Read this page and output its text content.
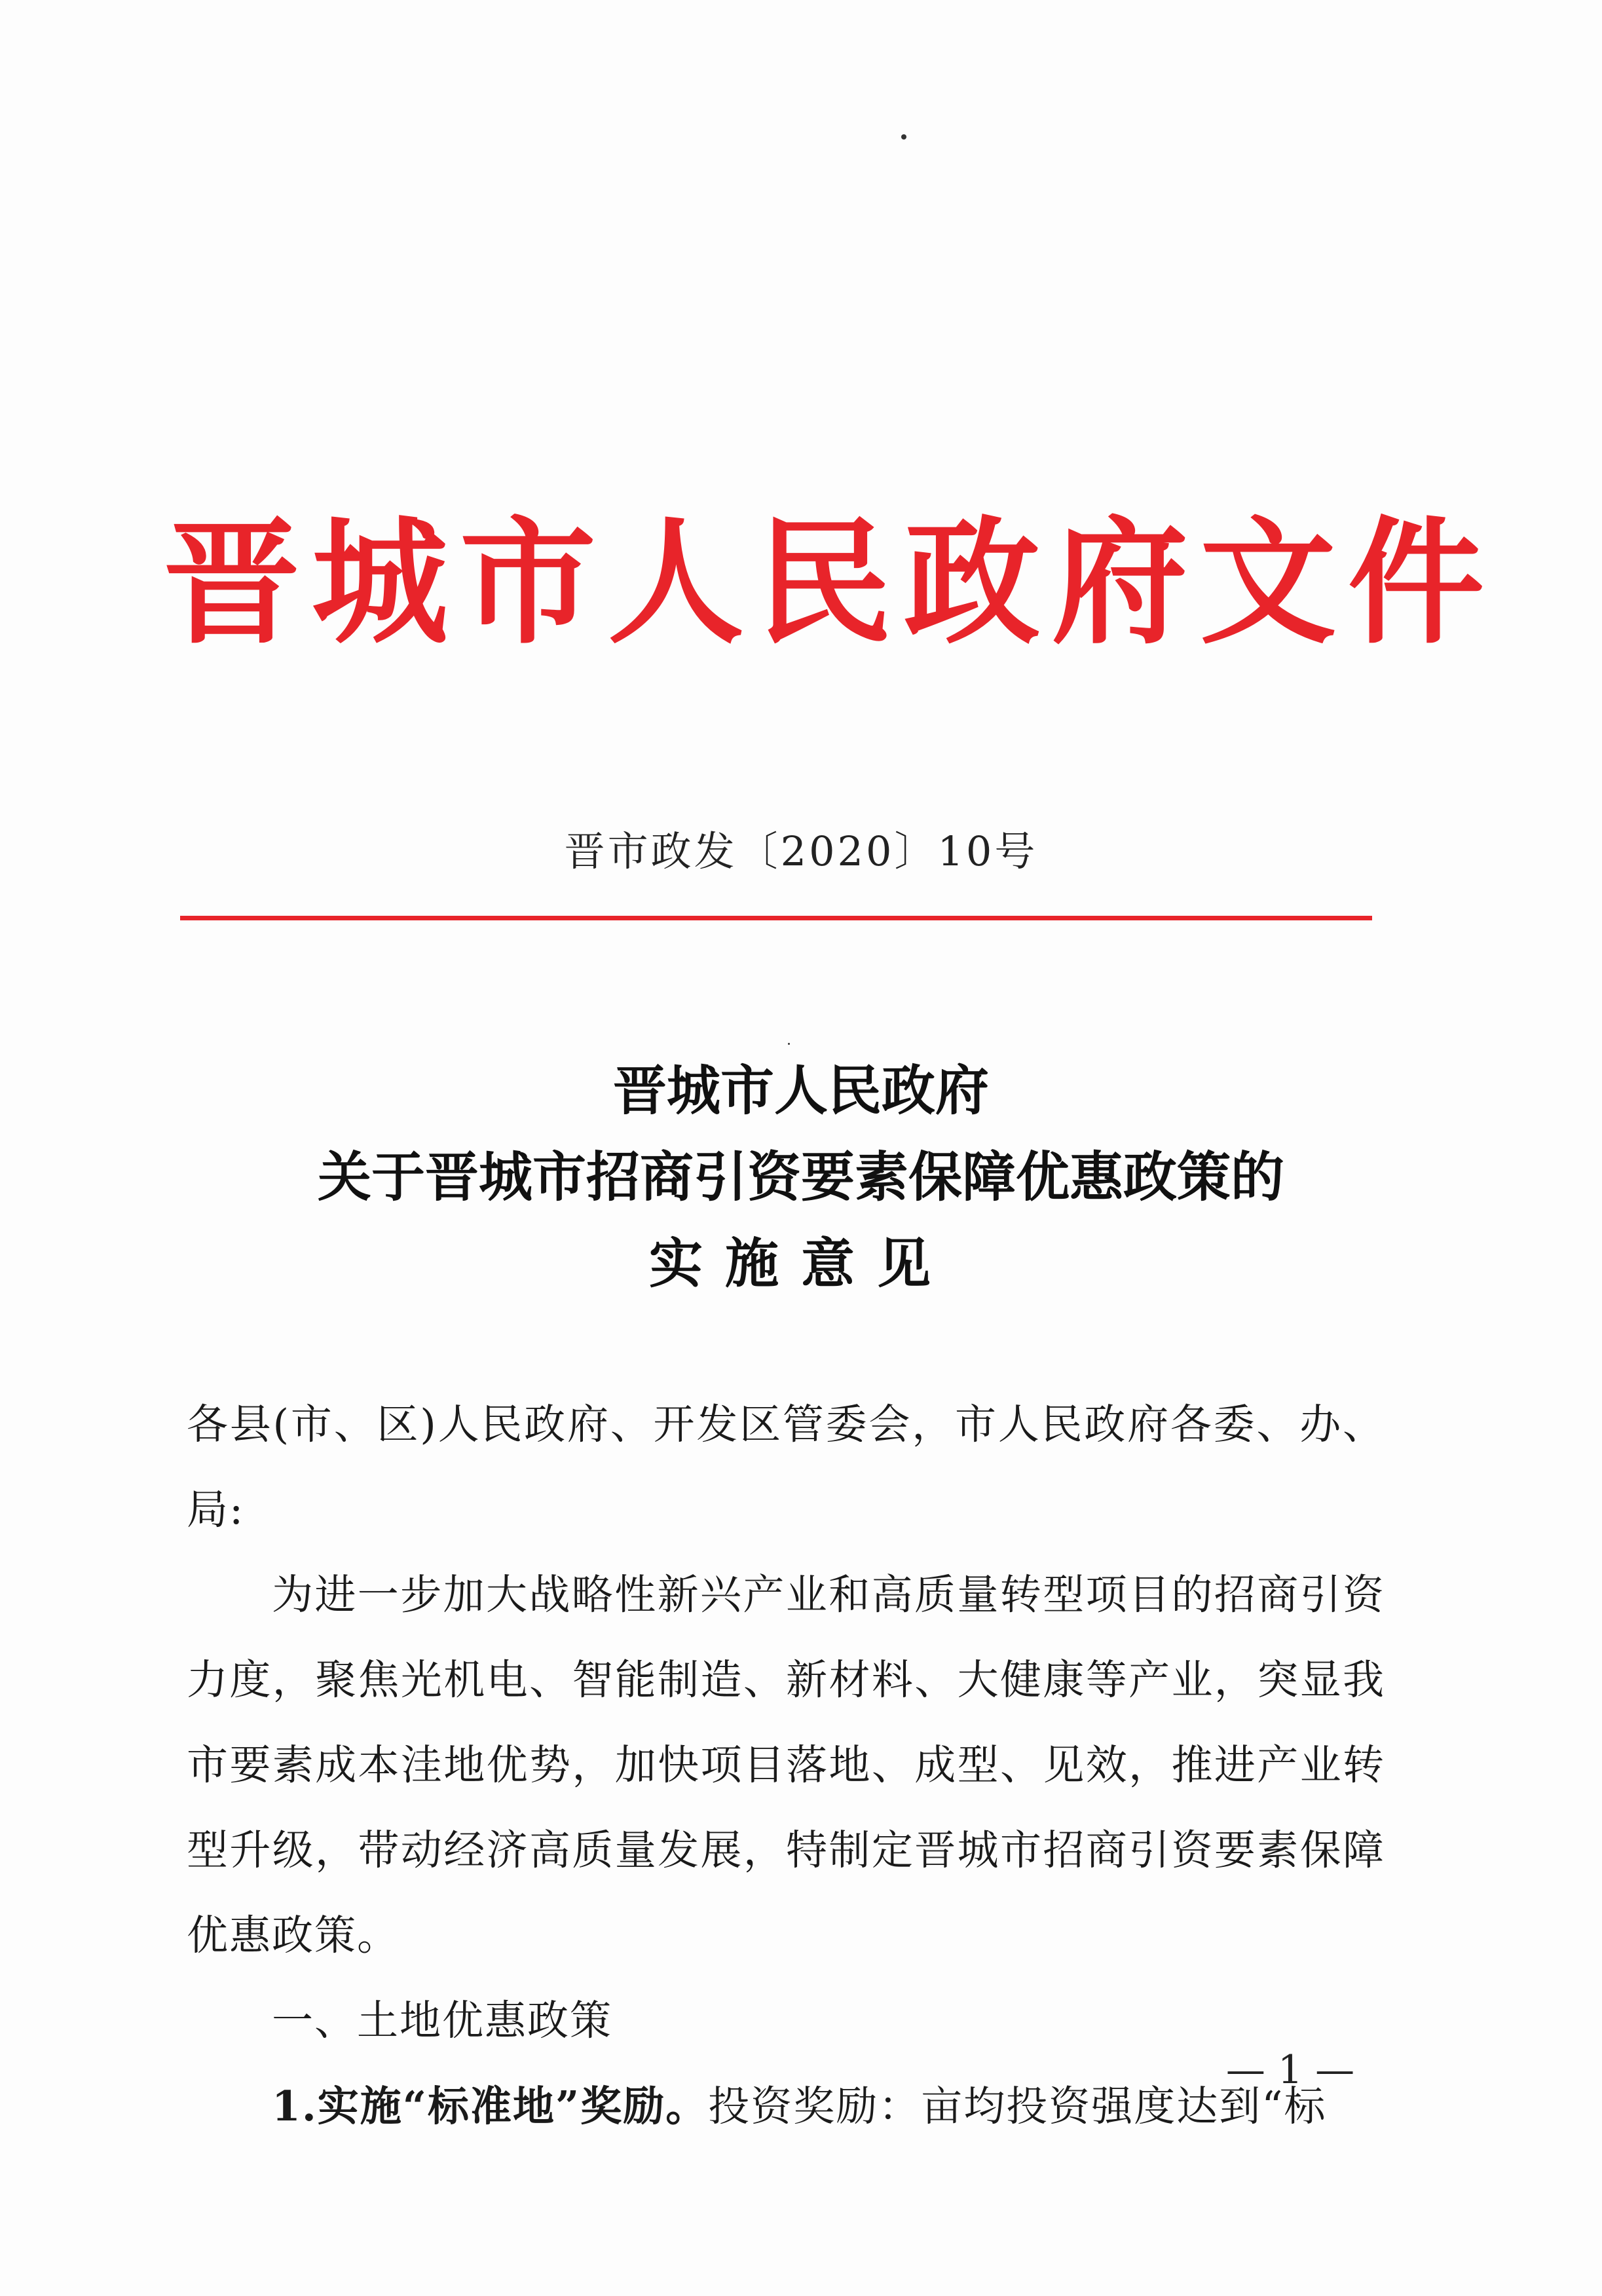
晋城市人民政府文件
晋市政发〔2020〕10号
晋城市人民政府
关于晋城市招商引资要素保障优惠政策的
实施意见

各县(市、区)人民政府、开发区管委会，市人民政府各委、办、局:

为进一步加大战略性新兴产业和高质量转型项目的招商引资力度，聚焦光机电、智能制造、新材料、大健康等产业，突显我市要素成本洼地优势，加快项目落地、成型、见效，推进产业转型升级，带动经济高质量发展，特制定晋城市招商引资要素保障优惠政策。

一、土地优惠政策

1.实施“标准地”奖励。投资奖励：亩均投资强度达到“标

— 1 —
